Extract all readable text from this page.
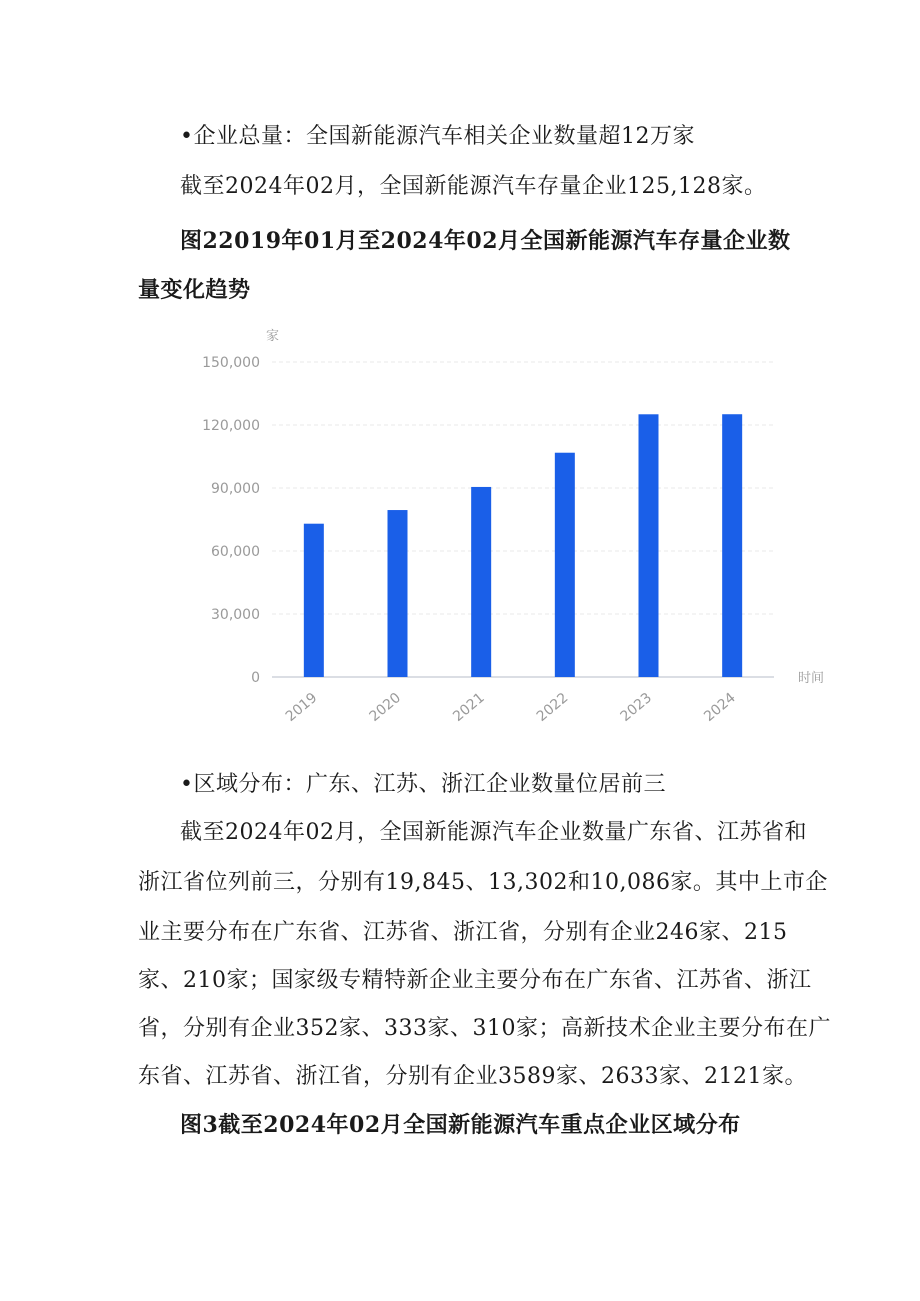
•企业总量：全国新能源汽车相关企业数量超12万家
截至2024年02月，全国新能源汽车存量企业125,128家。
图22019年01月至2024年02月全国新能源汽车存量企业数
量变化趋势
0
30,000
60,000
90,000
120,000
150,000
2019	2020	2021	2022	2023	2024
家
时间
•区域分布：广东、江苏、浙江企业数量位居前三
截至2024年02月，全国新能源汽车企业数量广东省、江苏省和
浙江省位列前三，分别有19,845、13,302和10,086家。其中上市企
业主要分布在广东省、江苏省、浙江省，分别有企业246家、215
家、210家；国家级专精特新企业主要分布在广东省、江苏省、浙江
省，分别有企业352家、333家、310家；高新技术企业主要分布在广
东省、江苏省、浙江省，分别有企业3589家、2633家、2121家。
图3截至2024年02月全国新能源汽车重点企业区域分布
